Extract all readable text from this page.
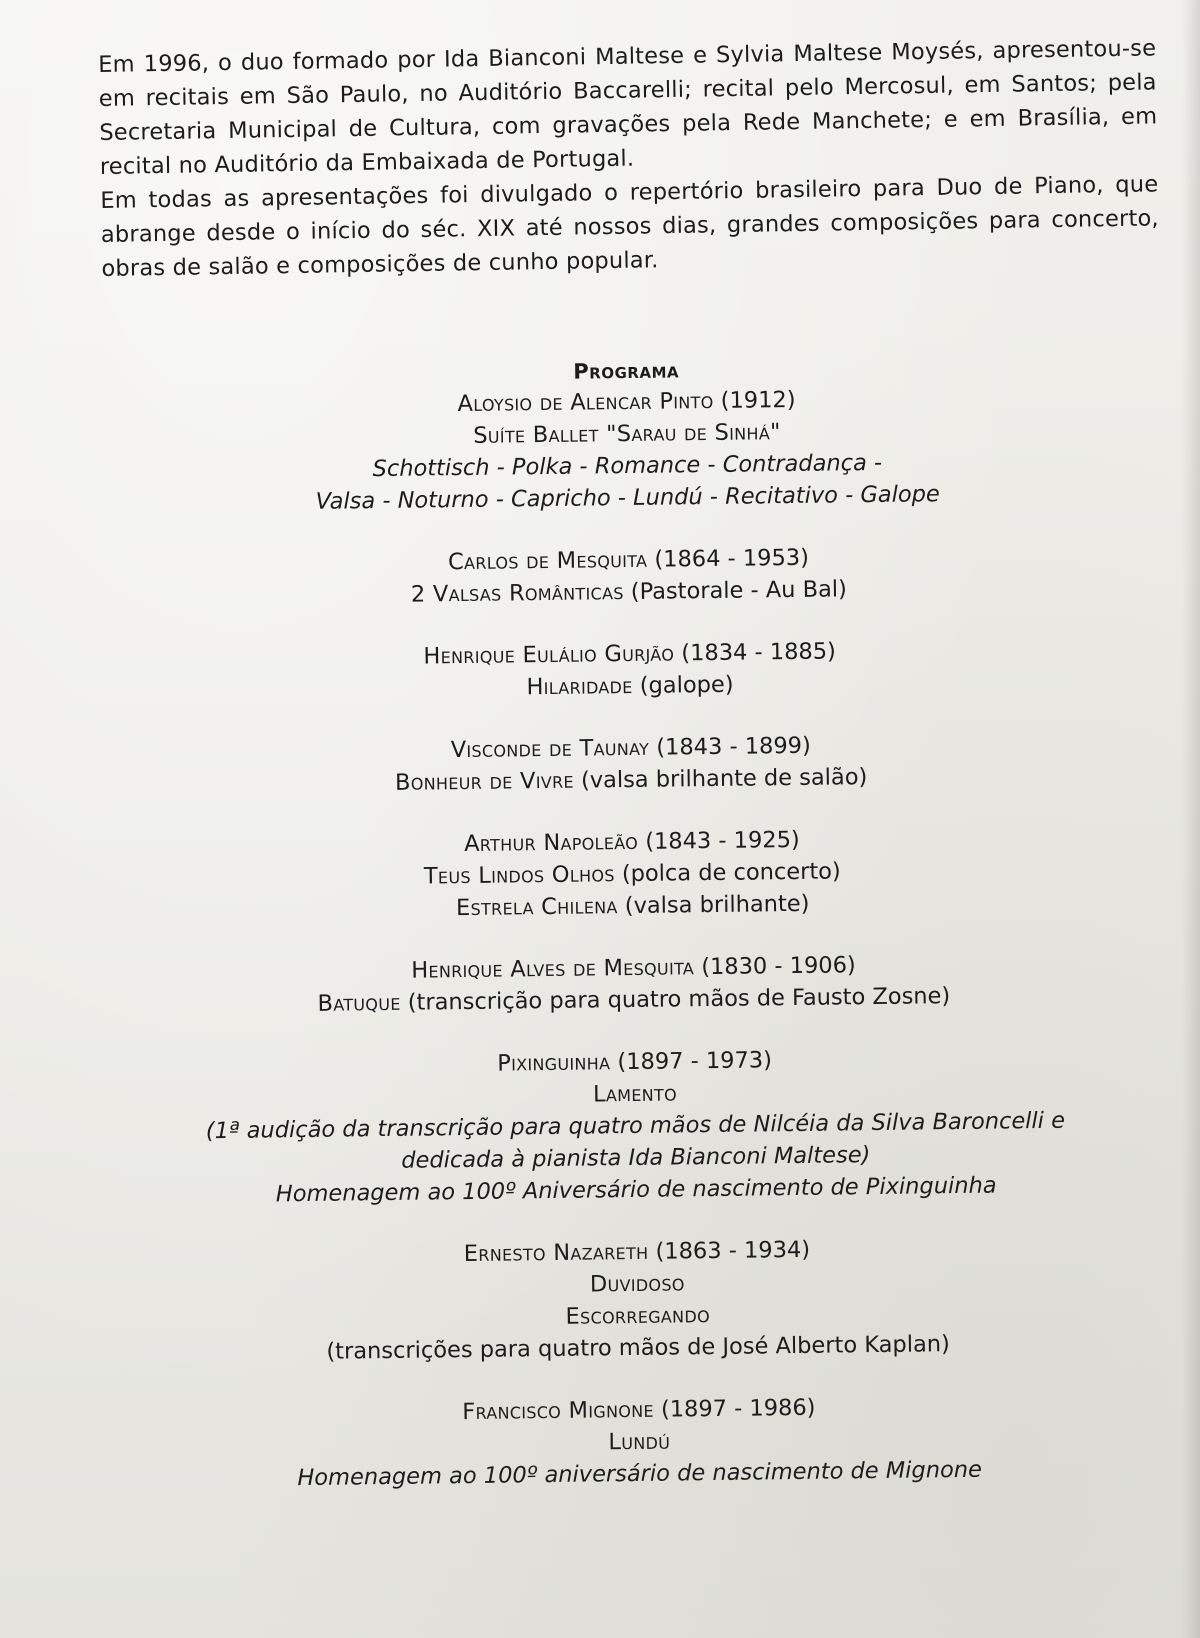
Em 1996, o duo formado por Ida Bianconi Maltese e Sylvia Maltese Moysés, apresentou-se em recitais em São Paulo, no Auditório Baccarelli; recital pelo Mercosul, em Santos; pela Secretaria Municipal de Cultura, com gravações pela Rede Manchete; e em Brasília, em recital no Auditório da Embaixada de Portugal.

Em todas as apresentações foi divulgado o repertório brasileiro para Duo de Piano, que abrange desde o início do séc. XIX até nossos dias, grandes composições para concerto, obras de salão e composições de cunho popular.

Programa
Aloysio de Alencar Pinto (1912)
Suíte Ballet "Sarau de Sinhá"
Schottisch - Polka - Romance - Contradança -
Valsa - Noturno - Capricho - Lundú - Recitativo - Galope
Carlos de Mesquita (1864 - 1953)
2 Valsas Românticas (Pastorale - Au Bal)
Henrique Eulálio Gurjão (1834 - 1885)
Hilaridade (galope)
Visconde de Taunay (1843 - 1899)
Bonheur de Vivre (valsa brilhante de salão)
Arthur Napoleão (1843 - 1925)
Teus Lindos Olhos (polca de concerto)
Estrela Chilena (valsa brilhante)
Henrique Alves de Mesquita (1830 - 1906)
Batuque (transcrição para quatro mãos de Fausto Zosne)
Pixinguinha (1897 - 1973)
Lamento
(1ª audição da transcrição para quatro mãos de Nilcéia da Silva Baroncelli e
dedicada à pianista Ida Bianconi Maltese)
Homenagem ao 100º Aniversário de nascimento de Pixinguinha
Ernesto Nazareth (1863 - 1934)
Duvidoso
Escorregando
(transcrições para quatro mãos de José Alberto Kaplan)
Francisco Mignone (1897 - 1986)
Lundú
Homenagem ao 100º aniversário de nascimento de Mignone
